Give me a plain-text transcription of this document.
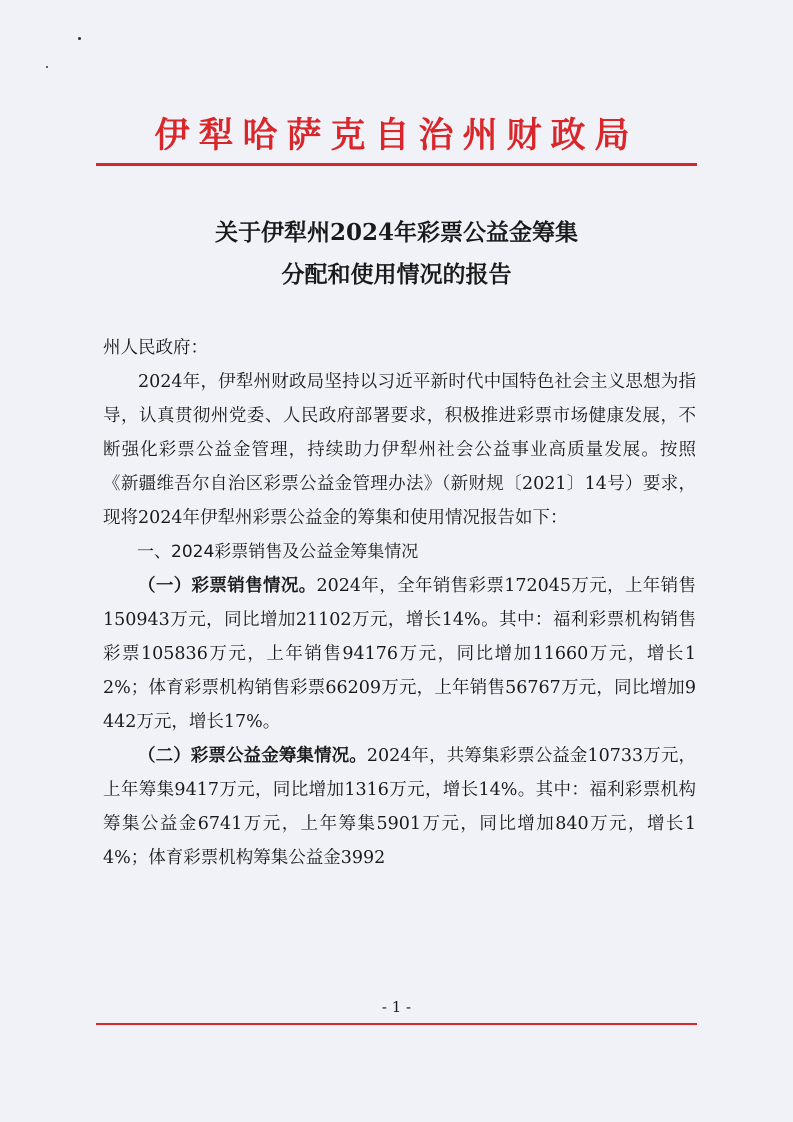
伊犁哈萨克自治州财政局
关于伊犁州2024年彩票公益金筹集
分配和使用情况的报告

州人民政府：

2024年，伊犁州财政局坚持以习近平新时代中国特色社会主义思想为指导，认真贯彻州党委、人民政府部署要求，积极推进彩票市场健康发展，不断强化彩票公益金管理，持续助力伊犁州社会公益事业高质量发展。按照《新疆维吾尔自治区彩票公益金管理办法》（新财规〔2021〕14号）要求，现将2024年伊犁州彩票公益金的筹集和使用情况报告如下：

一、2024彩票销售及公益金筹集情况

（一）彩票销售情况。2024年，全年销售彩票172045万元，上年销售150943万元，同比增加21102万元，增长14%。其中：福利彩票机构销售彩票105836万元，上年销售94176万元，同比增加11660万元，增长12%；体育彩票机构销售彩票66209万元，上年销售56767万元，同比增加9442万元，增长17%。

（二）彩票公益金筹集情况。2024年，共筹集彩票公益金10733万元，上年筹集9417万元，同比增加1316万元，增长14%。其中：福利彩票机构筹集公益金6741万元，上年筹集5901万元，同比增加840万元，增长14%；体育彩票机构筹集公益金3992

- 1 -
